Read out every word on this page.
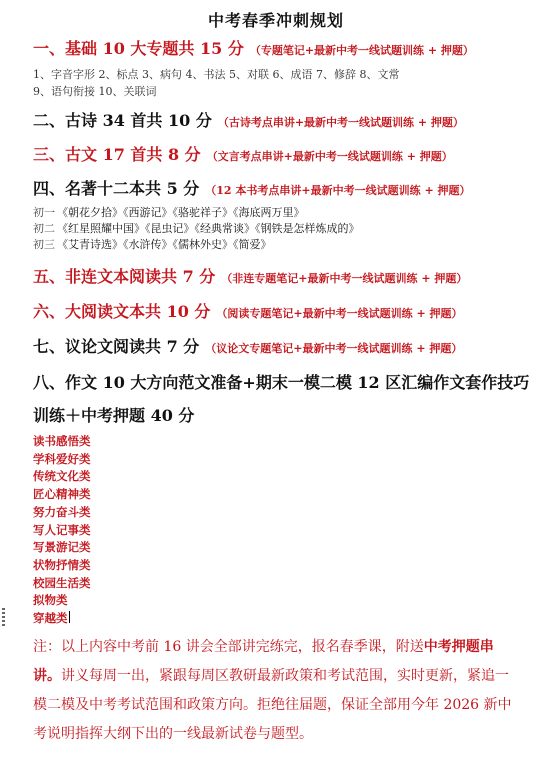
中考春季冲刺规划
一、基础 10 大专题共 15 分 （专题笔记+最新中考一线试题训练 + 押题）
1、字音字形 2、标点 3、病句 4、书法 5、对联 6、成语 7、修辞 8、文常
9、语句衔接 10、关联词
二、古诗 34 首共 10 分 （古诗考点串讲+最新中考一线试题训练 + 押题）
三、古文 17 首共 8 分 （文言考点串讲+最新中考一线试题训练 + 押题）
四、名著十二本共 5 分 （12 本书考点串讲+最新中考一线试题训练 + 押题）
初一 《朝花夕拾》《西游记》《骆驼祥子》《海底两万里》
初二 《红星照耀中国》《昆虫记》《经典常谈》《钢铁是怎样炼成的》
初三 《艾青诗选》《水浒传》《儒林外史》《简爱》
五、非连文本阅读共 7 分 （非连专题笔记+最新中考一线试题训练 + 押题）
六、大阅读文本共 10 分 （阅读专题笔记+最新中考一线试题训练 + 押题）
七、议论文阅读共 7 分 （议论文专题笔记+最新中考一线试题训练 + 押题）
八、作文 10 大方向范文准备+期末一模二模 12 区汇编作文套作技巧
训练＋中考押题 40 分
读书感悟类
学科爱好类
传统文化类
匠心精神类
努力奋斗类
写人记事类
写景游记类
状物抒情类
校园生活类
拟物类
穿越类
注：以上内容中考前 16 讲会全部讲完练完，报名春季课，附送中考押题串讲。讲义每周一出，紧跟每周区教研最新政策和考试范围，实时更新，紧追一模二模及中考考试范围和政策方向。拒绝往届题，保证全部用今年 2026 新中考说明指挥大纲下出的一线最新试卷与题型。
